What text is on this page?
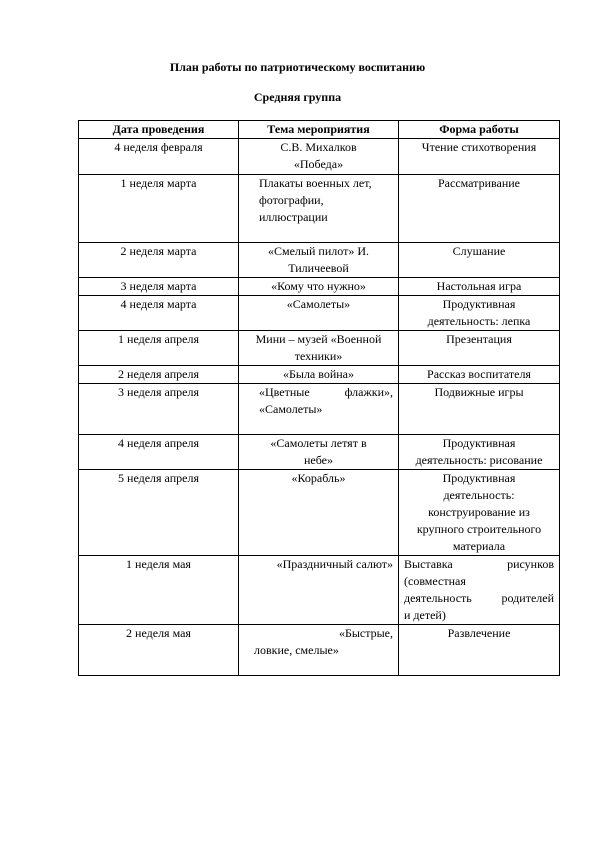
План работы по патриотическому воспитанию
Средняя группа
Дата проведения	Тема мероприятия	Форма работы
4 неделя февраля	С.В. Михалков
«Победа»	Чтение стихотворения

1 неделя марта	Плакаты военных лет,
фотографии,
иллюстрации	Рассматривание

2 неделя марта	«Смелый пилот» И.
Тиличеевой	Слушание

3 неделя марта	«Кому что нужно»	Настольная игра

4 неделя марта	«Самолеты»	Продуктивная
деятельность: лепка

1 неделя апреля	Мини – музей «Военной
техники»	Презентация

2 неделя апреля	«Была война»	Рассказ воспитателя

3 неделя апреля	«Цветные флажки»,
«Самолеты»	Подвижные игры

4 неделя апреля	«Самолеты летят в
небе»	Продуктивная
деятельность: рисование

5 неделя апреля	«Корабль»	Продуктивная
деятельность:
конструирование из
крупного строительного
материала

1 неделя мая	«Праздничный салют»	Выставка рисунков
(совместная
деятельность родителей
и детей)

2 неделя мая	«Быстрые,
ловкие, смелые»	Развлечение
